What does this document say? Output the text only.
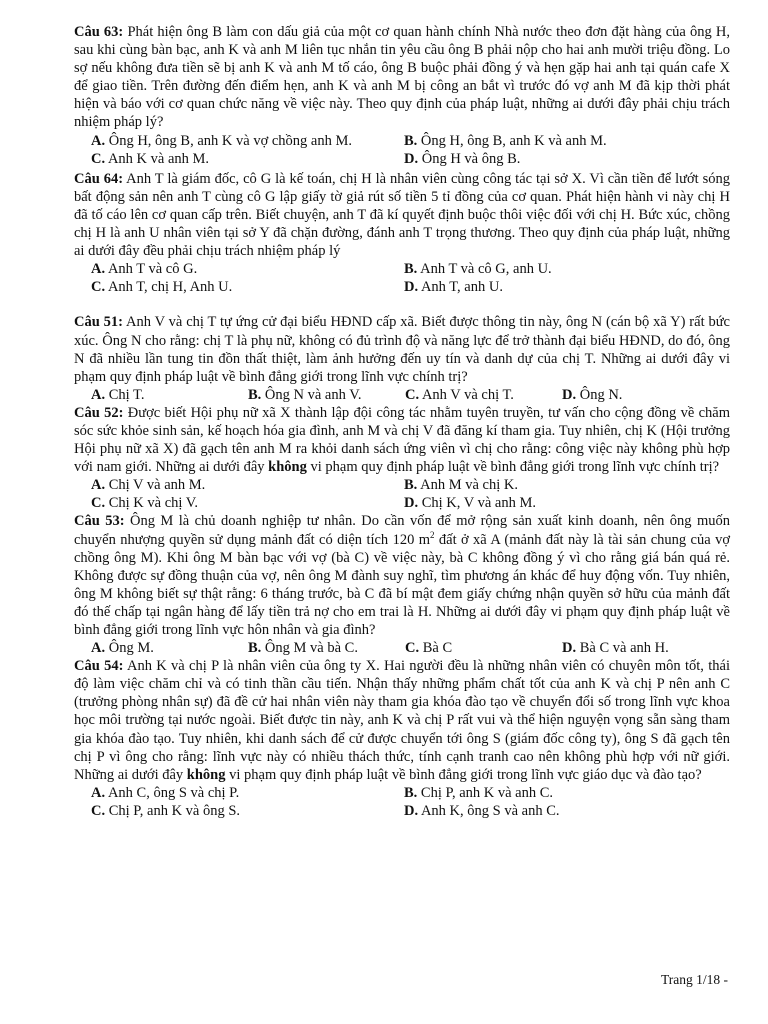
Câu 63: Phát hiện ông B làm con dấu giả của một cơ quan hành chính Nhà nước theo đơn đặt hàng của ông H, sau khi cùng bàn bạc, anh K và anh M liên tục nhắn tin yêu cầu ông B phải nộp cho hai anh mười triệu đồng. Lo sợ nếu không đưa tiền sẽ bị anh K và anh M tố cáo, ông B buộc phải đồng ý và hẹn gặp hai anh tại quán cafe X để giao tiền. Trên đường đến điểm hẹn, anh K và anh M bị công an bắt vì trước đó vợ anh M đã kịp thời phát hiện và báo với cơ quan chức năng về việc này. Theo quy định của pháp luật, những ai dưới đây phải chịu trách nhiệm pháp lý?

A. Ông H, ông B, anh K và vợ chồng anh M.	B. Ông H, ông B, anh K và anh M.
C. Anh K và anh M.	D. Ông H và ông B.

Câu 64: Anh T là giám đốc, cô G là kế toán, chị H là nhân viên cùng công tác tại sở X. Vì cần tiền để lướt sóng bất động sản nên anh T cùng cô G lập giấy tờ giả rút số tiền 5 tỉ đồng của cơ quan. Phát hiện hành vi này chị H đã tố cáo lên cơ quan cấp trên. Biết chuyện, anh T đã kí quyết định buộc thôi việc đối với chị H. Bức xúc, chồng chị H là anh U nhân viên tại sở Y đã chặn đường, đánh anh T trọng thương. Theo quy định của pháp luật, những ai dưới đây đều phải chịu trách nhiệm pháp lý

A. Anh T và cô G.	B. Anh T và cô G, anh U.
C. Anh T, chị H, Anh U.	D. Anh T, anh U.

Câu 51: Anh V và chị T tự ứng cử đại biểu HĐND cấp xã. Biết được thông tin này, ông N (cán bộ xã Y) rất bức xúc. Ông N cho rằng: chị T là phụ nữ, không có đủ trình độ và năng lực để trở thành đại biểu HĐND, do đó, ông N đã nhiều lần tung tin đồn thất thiệt, làm ảnh hưởng đến uy tín và danh dự của chị T. Những ai dưới đây vi phạm quy định pháp luật về bình đẳng giới trong lĩnh vực chính trị?

A. Chị T.	B. Ông N và anh V.	C. Anh V và chị T.	D. Ông N.

Câu 52: Được biết Hội phụ nữ xã X thành lập đội công tác nhằm tuyên truyền, tư vấn cho cộng đồng về chăm sóc sức khỏe sinh sản, kế hoạch hóa gia đình, anh M và chị V đã đăng kí tham gia. Tuy nhiên, chị K (Hội trưởng Hội phụ nữ xã X) đã gạch tên anh M ra khỏi danh sách ứng viên vì chị cho rằng: công việc này không phù hợp với nam giới. Những ai dưới đây không vi phạm quy định pháp luật về bình đẳng giới trong lĩnh vực chính trị?

A. Chị V và anh M.	B. Anh M và chị K.
C. Chị K và chị V.	D. Chị K, V và anh M.

Câu 53: Ông M là chủ doanh nghiệp tư nhân. Do cần vốn để mở rộng sản xuất kinh doanh, nên ông muốn chuyển nhượng quyền sử dụng mảnh đất có diện tích 120 $m^2$ đất ở xã A (mảnh đất này là tài sản chung của vợ chồng ông M). Khi ông M bàn bạc với vợ (bà C) về việc này, bà C không đồng ý vì cho rằng giá bán quá rẻ. Không được sự đồng thuận của vợ, nên ông M đành suy nghĩ, tìm phương án khác để huy động vốn. Tuy nhiên, ông M không biết sự thật rằng: 6 tháng trước, bà C đã bí mật đem giấy chứng nhận quyền sở hữu của mảnh đất đó thế chấp tại ngân hàng để lấy tiền trả nợ cho em trai là H. Những ai dưới đây vi phạm quy định pháp luật về bình đẳng giới trong lĩnh vực hôn nhân và gia đình?

A. Ông M.	B. Ông M và bà C.	C. Bà C	D. Bà C và anh H.

Câu 54: Anh K và chị P là nhân viên của ông ty X. Hai người đều là những nhân viên có chuyên môn tốt, thái độ làm việc chăm chỉ và có tinh thần cầu tiến. Nhận thấy những phẩm chất tốt của anh K và chị P nên anh C (trưởng phòng nhân sự) đã đề cử hai nhân viên này tham gia khóa đào tạo về chuyển đổi số trong lĩnh vực khoa học môi trường tại nước ngoài. Biết được tin này, anh K và chị P rất vui và thể hiện nguyện vọng sẵn sàng tham gia khóa đào tạo. Tuy nhiên, khi danh sách để cử được chuyển tới ông S (giám đốc công ty), ông S đã gạch tên chị P vì ông cho rằng: lĩnh vực này có nhiều thách thức, tính cạnh tranh cao nên không phù hợp với nữ giới. Những ai dưới đây không vi phạm quy định pháp luật về bình đẳng giới trong lĩnh vực giáo dục và đào tạo?

A. Anh C, ông S và chị P.	B. Chị P, anh K và anh C.
C. Chị P, anh K và ông S.	D. Anh K, ông S và anh C.
Trang 1/18 -
